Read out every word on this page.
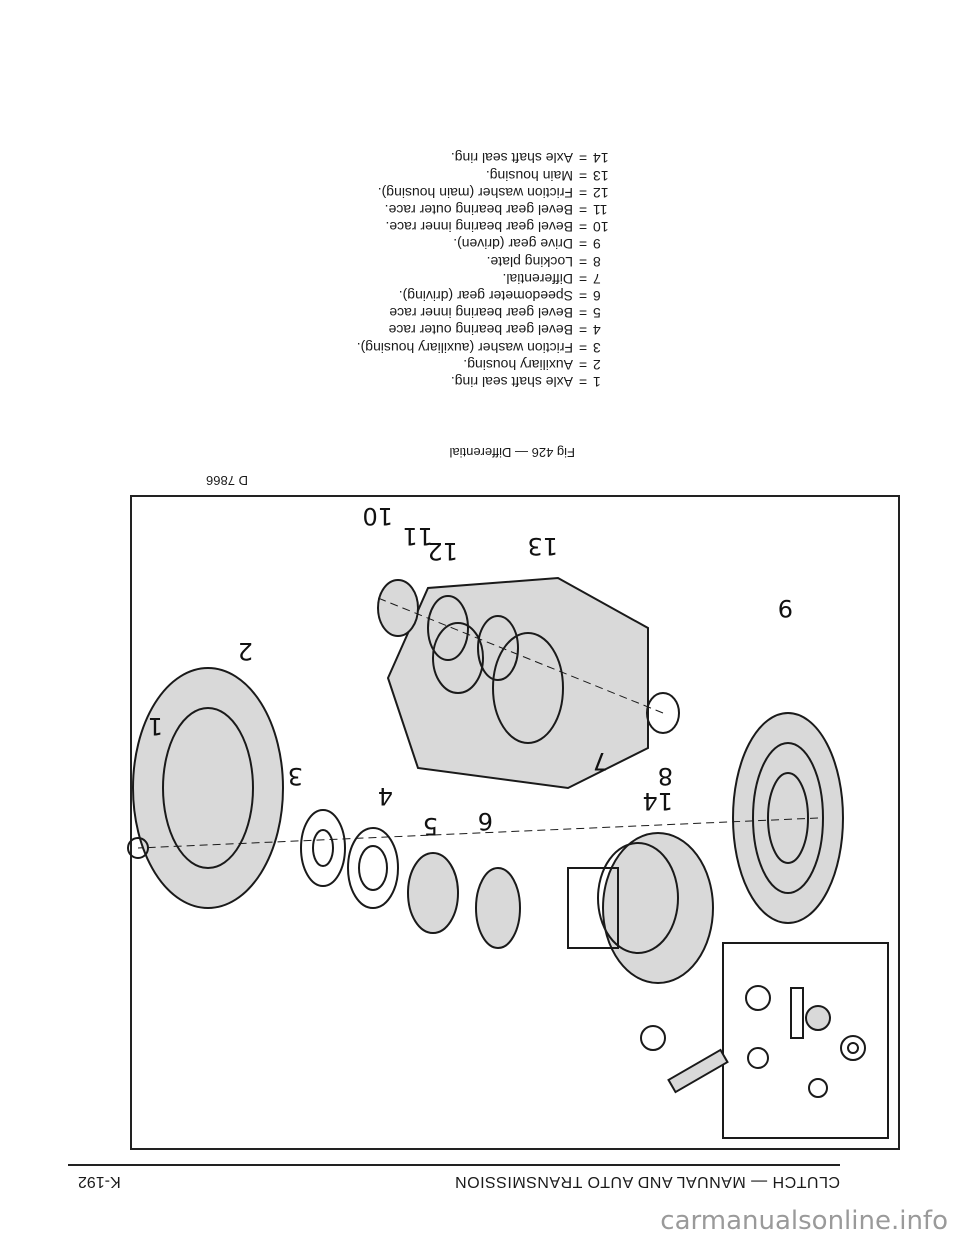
CLUTCH — MANUAL AND AUTO TRANSMISSION
K-192
9
7
8
6
5
4
3
1
2
14
12	13
11
10
D 7866
Fig 426 — Differential
1=Axle shaft seal ring.
2=Auxiliary housing.
3=Friction washer (auxiliary housing).
4=Bevel gear bearing outer race
5=Bevel gear bearing inner race
6=Speedometer gear (driving).
7=Differential.
8=Locking plate.
9=Drive gear (driven).
10=Bevel gear bearing inner race.
11=Bevel gear bearing outer race.
12=Friction washer (main housing).
13=Main housing.
14=Axle shaft seal ring.
carmanualsonline.info
